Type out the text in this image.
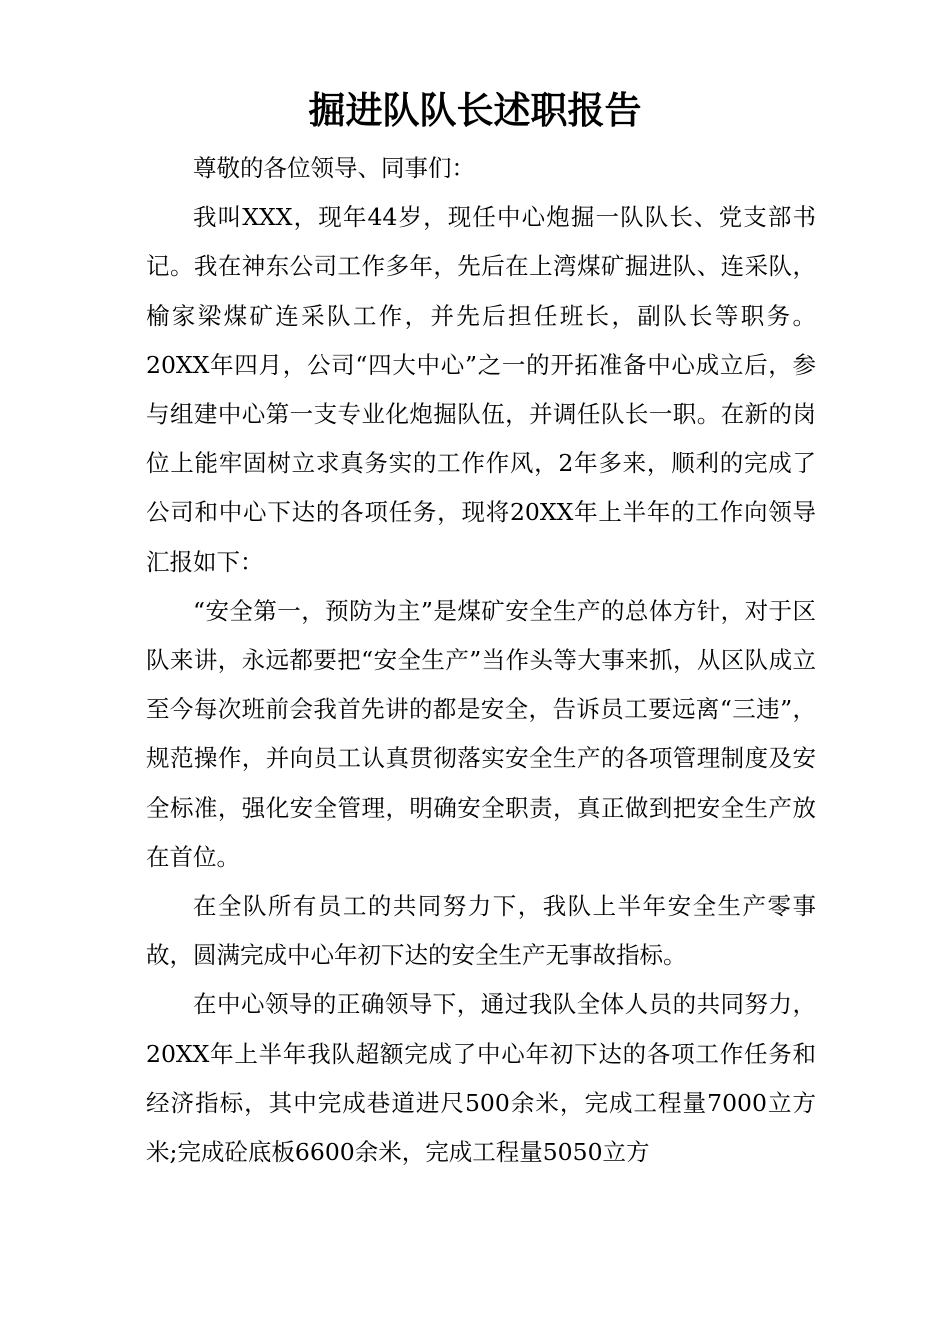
掘进队队长述职报告

尊敬的各位领导、同事们：

我叫XXX，现年44岁，现任中心炮掘一队队长、党支部书记。我在神东公司工作多年，先后在上湾煤矿掘进队、连采队，榆家梁煤矿连采队工作，并先后担任班长，副队长等职务。20XX年四月，公司“四大中心”之一的开拓准备中心成立后，参与组建中心第一支专业化炮掘队伍，并调任队长一职。在新的岗位上能牢固树立求真务实的工作作风，2年多来，顺利的完成了公司和中心下达的各项任务，现将20XX年上半年的工作向领导汇报如下：

“安全第一，预防为主”是煤矿安全生产的总体方针，对于区队来讲，永远都要把“安全生产”当作头等大事来抓，从区队成立至今每次班前会我首先讲的都是安全，告诉员工要远离“三违”，规范操作，并向员工认真贯彻落实安全生产的各项管理制度及安全标准，强化安全管理，明确安全职责，真正做到把安全生产放在首位。

在全队所有员工的共同努力下，我队上半年安全生产零事故，圆满完成中心年初下达的安全生产无事故指标。

在中心领导的正确领导下，通过我队全体人员的共同努力，20XX年上半年我队超额完成了中心年初下达的各项工作任务和经济指标，其中完成巷道进尺500余米，完成工程量7000立方米;完成砼底板6600余米，完成工程量5050立方
